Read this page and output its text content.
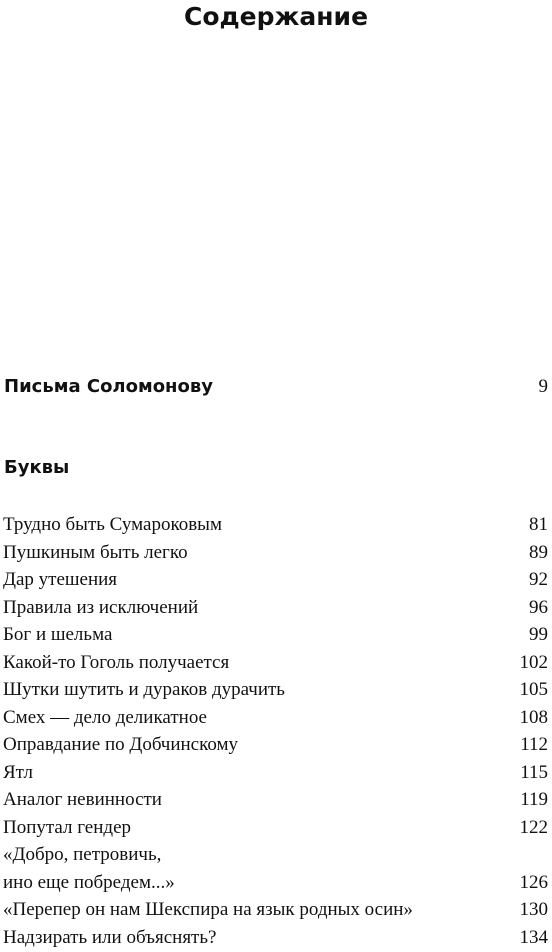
Содержание
Письма Соломонову	9
Буквы
Трудно быть Сумароковым	81
Пушкиным быть легко	89
Дар утешения	92
Правила из исключений	96
Бог и шельма	99
Какой-то Гоголь получается	102
Шутки шутить и дураков дурачить	105
Смех — дело деликатное	108
Оправдание по Добчинскому	112
Ятл	115
Аналог невинности	119
Попутал гендер	122
«Добро, петровичь,
ино еще побредем...»	126
«Перепер он нам Шекспира на язык родных осин»	130
Надзирать или объяснять?	134
